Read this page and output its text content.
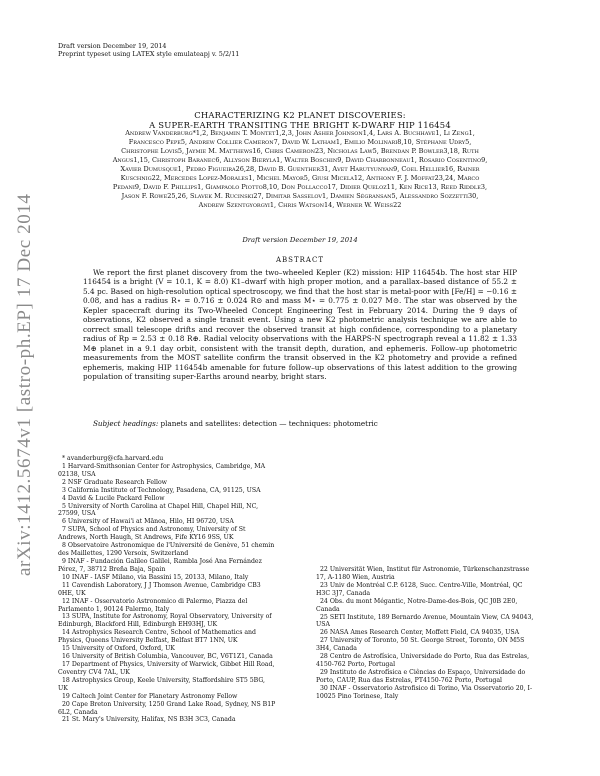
Draft version December 19, 2014
Preprint typeset using LATEX style emulateapj v. 5/2/11
arXiv:1412.5674v1 [astro-ph.EP] 17 Dec 2014
CHARACTERIZING K2 PLANET DISCOVERIES:
A SUPER-EARTH TRANSITING THE BRIGHT K-DWARF HIP 116454
Andrew Vanderburg*1,2, Benjamin T. Montet1,2,3, John Asher Johnson1,4, Lars A. Buchhave1, Li Zeng1,
Francesco Pepe5, Andrew Collier Cameron7, David W. Latham1, Emilio Molinari8,10, Stéphane Udry5,
Christophe Lovis5, Jaymie M. Matthews16, Chris Cameron23, Nicholas Law5, Brendan P. Bowler3,18, Ruth
Angus1,15, Christoph Baranec6, Allyson Bieryla1, Walter Boschin9, David Charbonneau1, Rosario Cosentino9,
Xavier Dumusque1, Pedro Figueira26,28, David B. Guenther31, Avet Harutyunyan9, Coel Hellier16, Rainer
Kuschnig22, Mercedes Lopez-Morales1, Michel Mayor5, Giusi Micela12, Anthony F. J. Moffat23,24, Marco
Pedani9, David F. Phillips1, Giampaolo Piotto8,10, Don Pollacco17, Didier Queloz11, Ken Rice13, Reed Riddle3,
Jason F. Rowe25,26, Slavek M. Rucinski27, Dimitar Sasselov1, Damien Ségransan5, Alessandro Sozzetti30,
Andrew Szentgyorgyi1, Chris Watson14, Werner W. Weiss22
Draft version December 19, 2014
ABSTRACT

We report the first planet discovery from the two–wheeled Kepler (K2) mission: HIP 116454b. The host star HIP 116454 is a bright (V = 10.1, K = 8.0) K1–dwarf with high proper motion, and a parallax–based distance of 55.2 ± 5.4 pc. Based on high-resolution optical spectroscopy, we find that the host star is metal-poor with [Fe/H] = −0.16 ± 0.08, and has a radius R⋆ = 0.716 ± 0.024 R⊙ and mass M⋆ = 0.775 ± 0.027 M⊙. The star was observed by the Kepler spacecraft during its Two-Wheeled Concept Engineering Test in February 2014. During the 9 days of observations, K2 observed a single transit event. Using a new K2 photometric analysis technique we are able to correct small telescope drifts and recover the observed transit at high confidence, corresponding to a planetary radius of Rp = 2.53 ± 0.18 R⊕. Radial velocity observations with the HARPS-N spectrograph reveal a 11.82 ± 1.33 M⊕ planet in a 9.1 day orbit, consistent with the transit depth, duration, and ephemeris. Follow–up photometric measurements from the MOST satellite confirm the transit observed in the K2 photometry and provide a refined ephemeris, making HIP 116454b amenable for future follow–up observations of this latest addition to the growing population of transiting super-Earths around nearby, bright stars.

Subject headings: planets and satellites: detection — techniques: photometric
* avanderburg@cfa.harvard.edu
1 Harvard-Smithsonian Center for Astrophysics, Cambridge, MA 02138, USA
2 NSF Graduate Research Fellow
3 California Institute of Technology, Pasadena, CA, 91125, USA
4 David & Lucile Packard Fellow
5 University of North Carolina at Chapel Hill, Chapel Hill, NC, 27599, USA
6 University of Hawai'i at Mānoa, Hilo, HI 96720, USA
7 SUPA, School of Physics and Astronomy, University of St Andrews, North Haugh, St Andrews, Fife KY16 9SS, UK
8 Observatoire Astronomique de l'Université de Genève, 51 chemin des Maillettes, 1290 Versoix, Switzerland
9 INAF - Fundación Galileo Galilei, Rambla José Ana Fernández Pérez, 7, 38712 Breña Baja, Spain
10 INAF - IASF Milano, via Bassini 15, 20133, Milano, Italy
11 Cavendish Laboratory, J J Thomson Avenue, Cambridge CB3 0HE, UK
12 INAF - Osservatorio Astronomico di Palermo, Piazza del Parlamento 1, 90124 Palermo, Italy
13 SUPA, Institute for Astronomy, Royal Observatory, University of Edinburgh, Blackford Hill, Edinburgh EH93HJ, UK
14 Astrophysics Research Centre, School of Mathematics and Physics, Queens University Belfast, Belfast BT7 1NN, UK
15 University of Oxford, Oxford, UK
16 University of British Columbia, Vancouver, BC, V6T1Z1, Canada
17 Department of Physics, University of Warwick, Gibbet Hill Road, Coventry CV4 7AL, UK
18 Astrophysics Group, Keele University, Staffordshire ST5 5BG, UK
19 Caltech Joint Center for Planetary Astronomy Fellow
20 Cape Breton University, 1250 Grand Lake Road, Sydney, NS B1P 6L2, Canada
21 St. Mary's University, Halifax, NS B3H 3C3, Canada
22 Universität Wien, Institut für Astronomie, Türkenschanzstrasse 17, A-1180 Wien, Austria
23 Univ de Montréal C.P. 6128, Succ. Centre-Ville, Montréal, QC H3C 3J7, Canada
24 Obs. du mont Mégantic, Notre-Dame-des-Bois, QC J0B 2E0, Canada
25 SETI Institute, 189 Bernardo Avenue, Mountain View, CA 94043, USA
26 NASA Ames Research Center, Moffett Field, CA 94035, USA
27 University of Toronto, 50 St. George Street, Toronto, ON M5S 3H4, Canada
28 Centro de Astrofísica, Universidade do Porto, Rua das Estrelas, 4150-762 Porto, Portugal
29 Instituto de Astrofísica e Ciências do Espaço, Universidade do Porto, CAUP, Rua das Estrelas, PT4150-762 Porto, Portugal
30 INAF - Osservatorio Astrofisico di Torino, Via Osservatorio 20, I-10025 Pino Torinese, Italy
